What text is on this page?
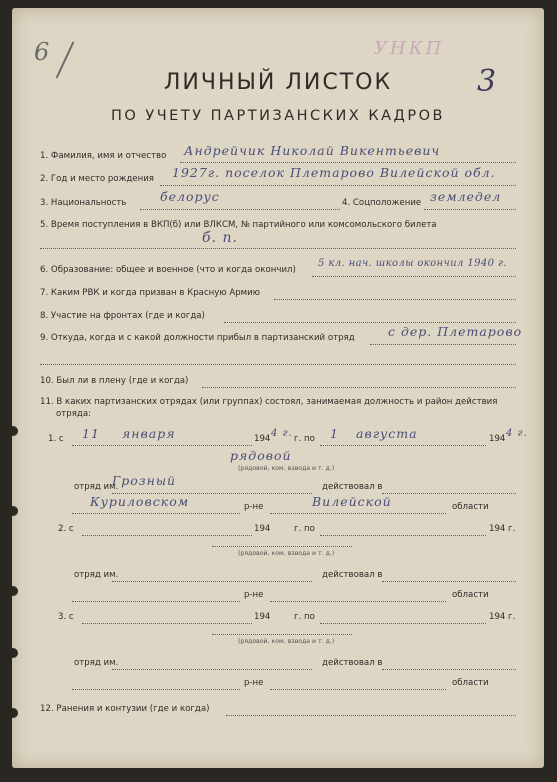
6	УНКП
3
ЛИЧНЫЙ ЛИСТОК
ПО УЧЕТУ ПАРТИЗАНСКИХ КАДРОВ
1. Фамилия, имя и отчество Андрейчик Николай Викентьевич
2. Год и место рождения 1927г. поселок Плетарово Вилейской обл.
3. Национальность	белорус	4. Соцположение земледел
5. Время поступления в ВКП(б) или ВЛКСМ, № партийного или комсомольского билета
б. п.
6. Образование: общее и военное (что и когда окончил)
5 кл. нач. школы окончил 1940 г.
7. Каким РВК и когда призван в Красную Армию
8. Участие на фронтах (где и когда)
9. Откуда, когда и с какой должности прибыл в партизанский отряд	с дер. Плетарово
10. Был ли в плену (где и когда)
11. В каких партизанских отрядах (или группах) состоял, занимаемая должность и район действия
отряда:
1. с 11 января	194 4 г. г. по 1 августа	194 4 г.
рядовой
(рядовой, ком. взвода и т. д.)
отряд им.
Грозный	действовал в
Куриловском	р-не	Вилейской	области
2. с	194	г. по	194 г.
(рядовой, ком. взвода и т. д.)
отряд им.	действовал в
р-не	области
3. с	194	г. по	194 г.
(рядовой, ком. взвода и т. д.)
отряд им.	действовал в
р-не	области
12. Ранения и контузии (где и когда)
